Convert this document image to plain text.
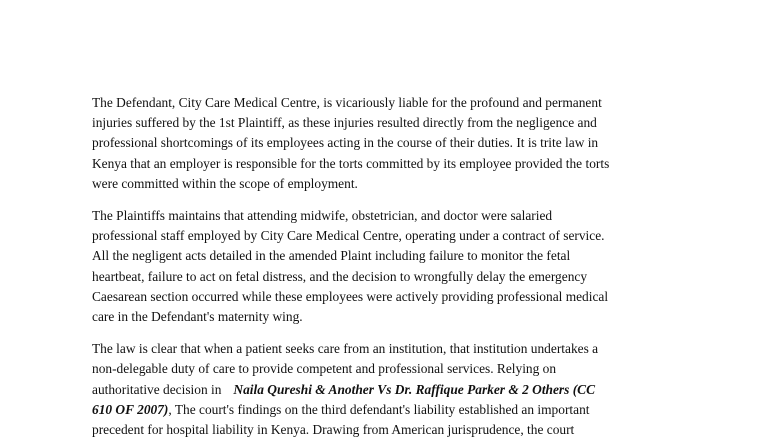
The Defendant, City Care Medical Centre, is vicariously liable for the profound and permanent
injuries suffered by the 1st Plaintiff, as these injuries resulted directly from the negligence and
professional shortcomings of its employees acting in the course of their duties. It is trite law in
Kenya that an employer is responsible for the torts committed by its employee provided the torts
were committed within the scope of employment.

The Plaintiffs maintains that attending midwife, obstetrician, and doctor were salaried
professional staff employed by City Care Medical Centre, operating under a contract of service.
All the negligent acts detailed in the amended Plaint including failure to monitor the fetal
heartbeat, failure to act on fetal distress, and the decision to wrongfully delay the emergency
Caesarean section occurred while these employees were actively providing professional medical
care in the Defendant's maternity wing.

The law is clear that when a patient seeks care from an institution, that institution undertakes a
non-delegable duty of care to provide competent and professional services. Relying on
authoritative decision in Naila Qureshi & Another Vs Dr. Raffique Parker & 2 Others (CC
610 OF 2007), The court's findings on the third defendant's liability established an important
precedent for hospital liability in Kenya. Drawing from American jurisprudence, the court
